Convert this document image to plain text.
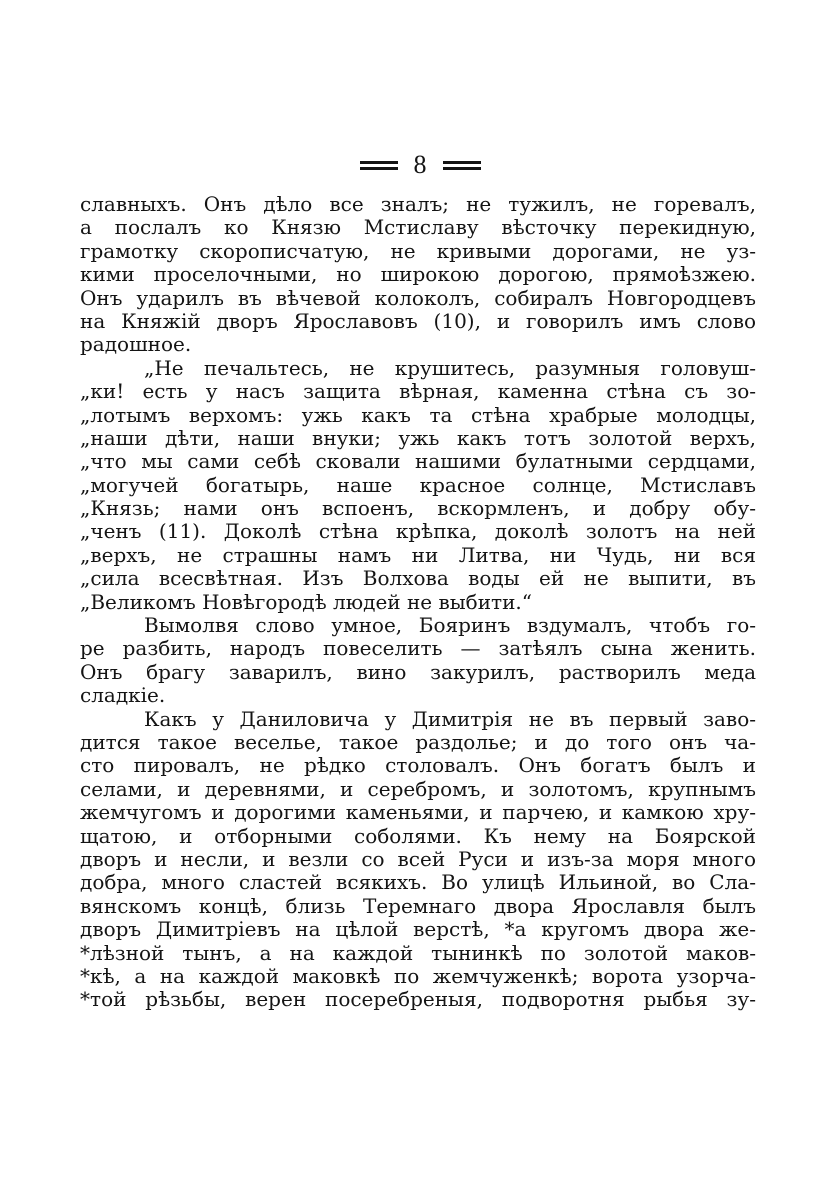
8
славныхъ. Онъ дѣло все зналъ; не тужилъ, не горевалъ,
а послалъ ко Князю Мстиславу вѣсточку перекидную,
грамотку скорописчатую, не кривыми дорогами, не уз-
кими проселочными, но широкою дорогою, прямоѣзжею.
Онъ ударилъ въ вѣчевой колоколъ, собиралъ Новгородцевъ
на Княжій дворъ Ярославовъ (10), и говорилъ имъ слово
радошное.
„Не печальтесь, не крушитесь, разумныя головуш-
„ки! есть у насъ защита вѣрная, каменна стѣна съ зо-
„лотымъ верхомъ: ужь какъ та стѣна храбрые молодцы,
„наши дѣти, наши внуки; ужь какъ тотъ золотой верхъ,
„что мы сами себѣ сковали нашими булатными сердцами,
„могучей богатырь, наше красное солнце, Мстиславъ
„Князь; нами онъ вспоенъ, вскормленъ, и добру обу-
„ченъ (11). Доколѣ стѣна крѣпка, доколѣ золотъ на ней
„верхъ, не страшны намъ ни Литва, ни Чудь, ни вся
„сила всесвѣтная. Изъ Волхова воды ей не выпити, въ
„Великомъ Новѣгородѣ людей не выбити.“
Вымолвя слово умное, Бояринъ вздумалъ, чтобъ го-
ре разбить, народъ повеселить — затѣялъ сына женить.
Онъ брагу заварилъ, вино закурилъ, растворилъ меда
сладкіе.
Какъ у Даниловича у Димитрія не въ первый заво-
дится такое веселье, такое раздолье; и до того онъ ча-
сто пировалъ, не рѣдко столовалъ. Онъ богатъ былъ и
селами, и деревнями, и серебромъ, и золотомъ, крупнымъ
жемчугомъ и дорогими каменьями, и парчею, и камкою хру-
щатою, и отборными соболями. Къ нему на Боярской
дворъ и несли, и везли со всей Руси и изъ-за моря много
добра, много сластей всякихъ. Во улицѣ Ильиной, во Сла-
вянскомъ концѣ, близь Теремнаго двора Ярославля былъ
дворъ Димитріевъ на цѣлой верстѣ, *а кругомъ двора же-
*лѣзной тынъ, а на каждой тынинкѣ по золотой маков-
*кѣ, а на каждой маковкѣ по жемчуженкѣ; ворота узорча-
*той рѣзьбы, верен посеребреныя, подворотня рыбья зу-
